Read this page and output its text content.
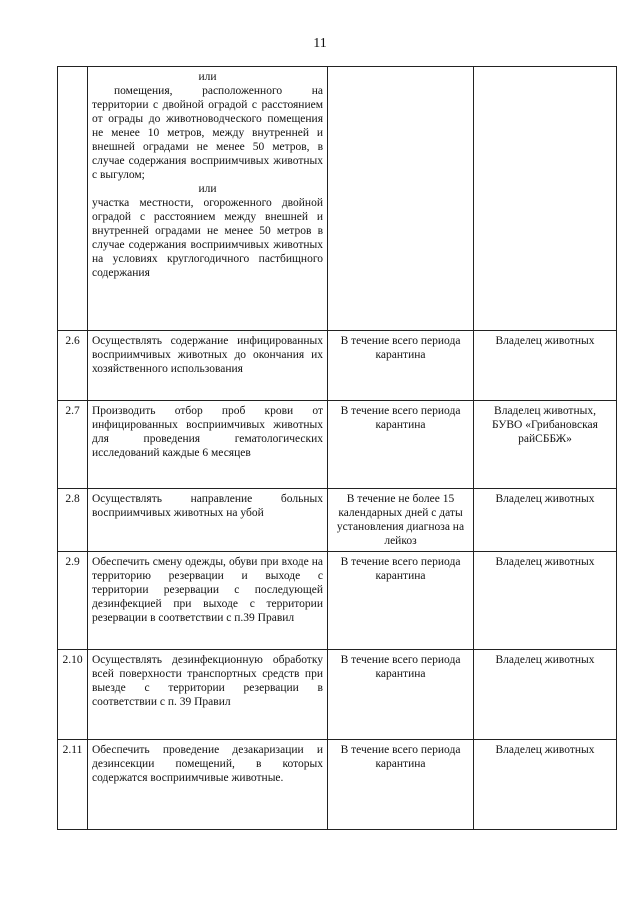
11

	или
помещения, расположенного на территории с двойной оградой с расстоянием от ограды до животноводческого помещения не менее 10 метров, между внутренней и внешней оградами не менее 50 метров, в случае содержания восприимчивых животных с выгулом;
или
участка местности, огороженного двойной оградой с расстоянием между внешней и внутренней оградами не менее 50 метров в случае содержания восприимчивых животных на условиях круглогодичного пастбищного содержания		

2.6	Осуществлять содержание инфицированных восприимчивых животных до окончания их хозяйственного использования	В течение всего периода карантина	Владелец животных
2.7	Производить отбор проб крови от инфицированных восприимчивых животных для проведения гематологических исследований каждые 6 месяцев	В течение всего периода карантина	Владелец животных, БУВО «Грибановская райСББЖ»
2.8	Осуществлять направление больных восприимчивых животных на убой	В течение не более 15 календарных дней с даты установления диагноза на лейкоз	Владелец животных
2.9	Обеспечить смену одежды, обуви при входе на территорию резервации и выходе с территории резервации с последующей дезинфекцией при выходе с территории резервации в соответствии с п.39 Правил	В течение всего периода карантина	Владелец животных
2.10	Осуществлять дезинфекционную обработку всей поверхности транспортных средств при выезде с территории резервации в соответствии с п. 39 Правил	В течение всего периода карантина	Владелец животных
2.11	Обеспечить проведение дезакаризации и дезинсекции помещений, в которых содержатся восприимчивые животные.	В течение всего периода карантина	Владелец животных
